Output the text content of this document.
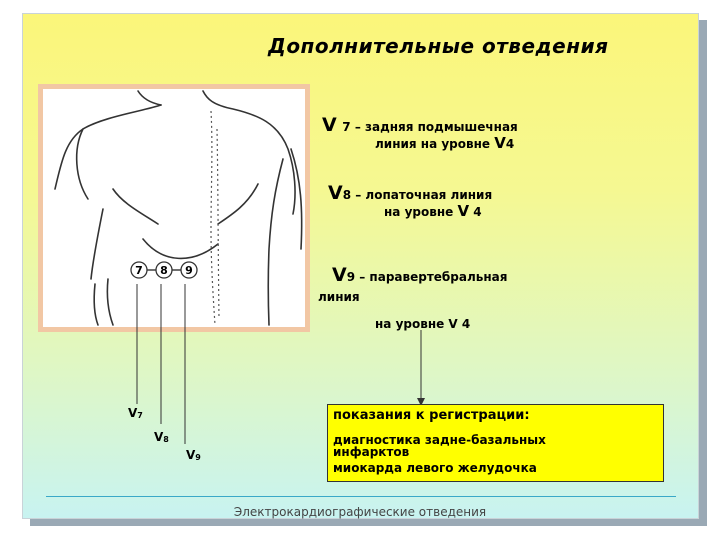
Дополнительные отведения
7 8 9
V 7 – задняя подмышечная
линия на уровне V4
V8 – лопаточная линия
на уровне V 4
V9 – паравертебральная
линия
на уровне V 4
$V_7$
$V_8$
$V_9$
показания к регистрации:
диагностика задне-базальных
инфарктов
миокарда левого желудочка
Электрокардиографические отведения
